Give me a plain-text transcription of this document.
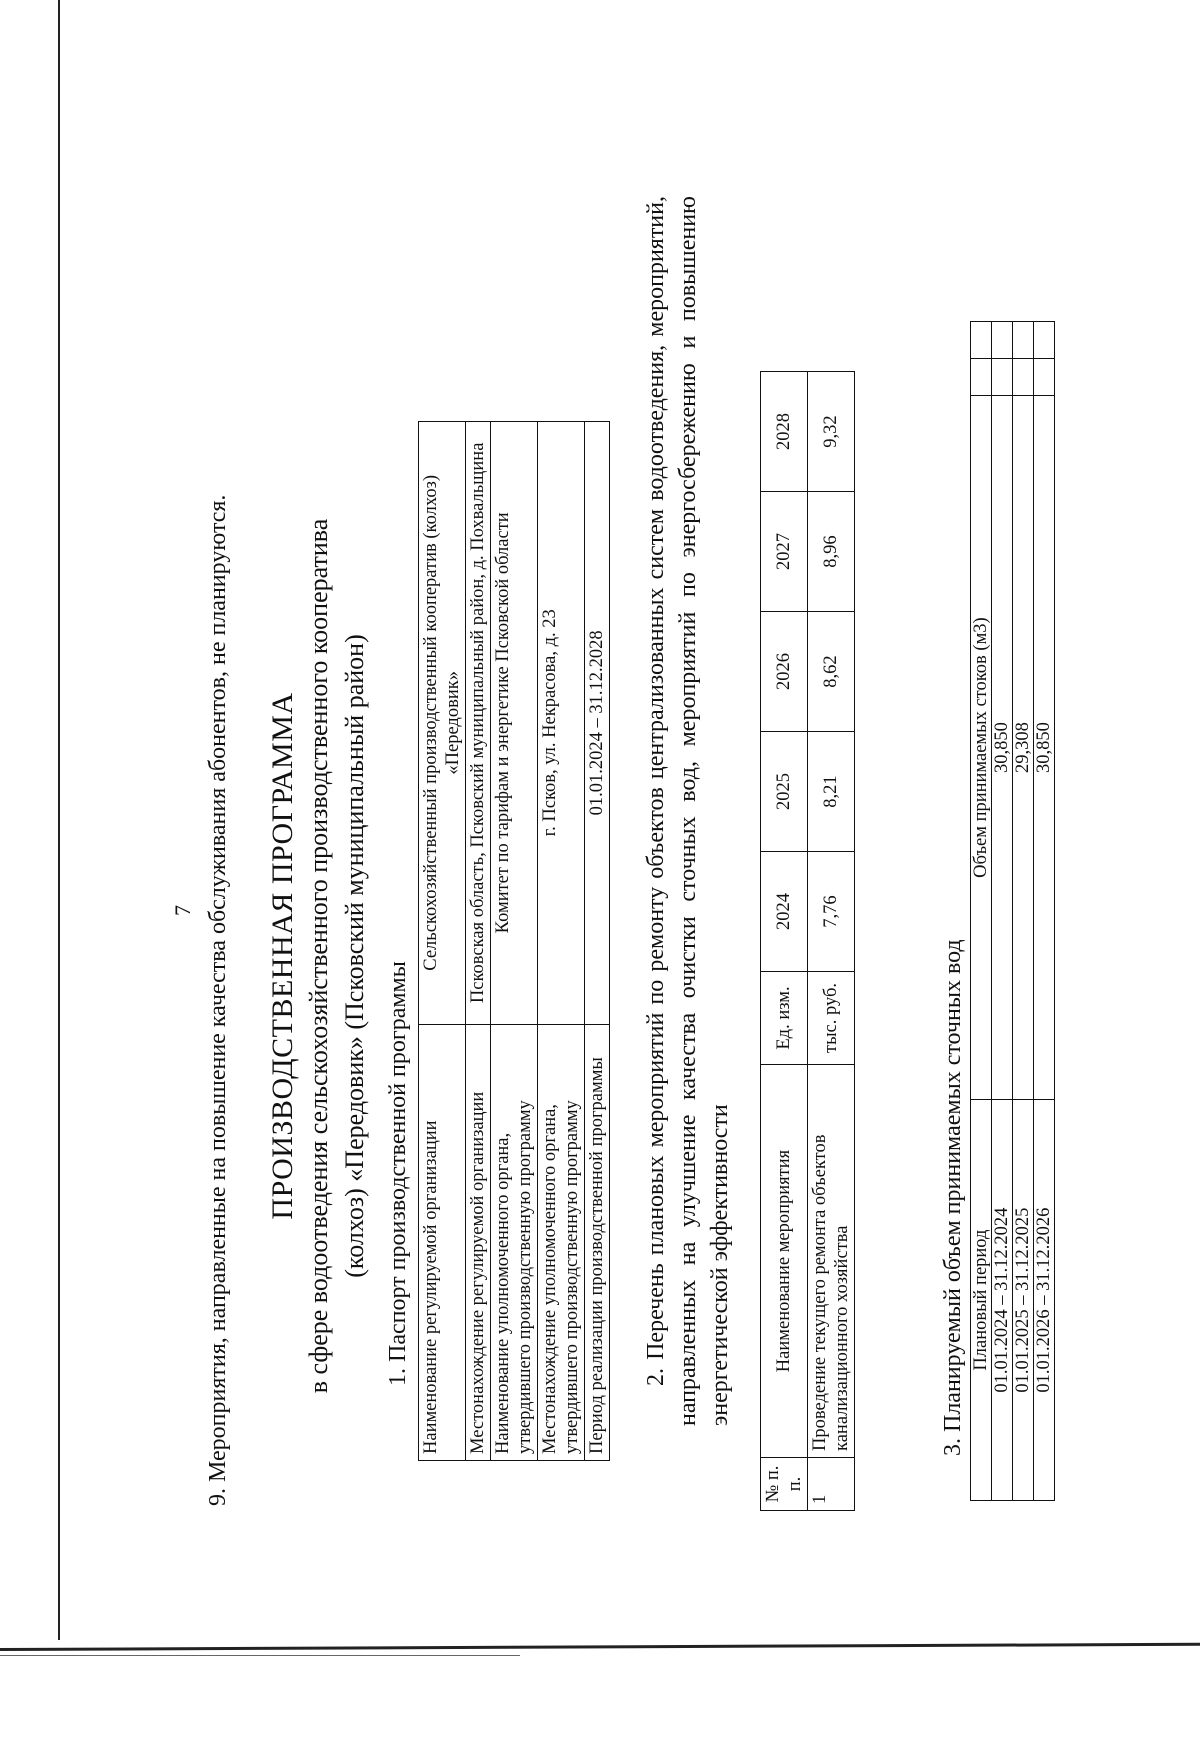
7 9. Мероприятия, направленные на повышение качества обслуживания абонентов, не планируются. ПРОИЗВОДСТВЕННАЯ ПРОГРАММА в сфере водоотведения сельскохозяйственного производственного кооператива (колхоз) «Передовик» (Псковский муниципальный район) 1. Паспорт производственной программы Наименование регулируемой организации	Сельскохозяйственный производственный кооператив (колхоз) «Передовик»
Местонахождение регулируемой организации	Псковская область, Псковский муниципальный район, д. Похвальщина
Наименование уполномоченного органа, утвердившего производственную программу	Комитет по тарифам и энергетике Псковской области
Местонахождение уполномоченного органа, утвердившего производственную программу	г. Псков, ул. Некрасова, д. 23
Период реализации производственной программы	01.01.2024 – 31.12.2028 2. Перечень плановых мероприятий по ремонту объектов централизованных систем водоотведения, мероприятий, направленных на улучшение качества очистки сточных вод, мероприятий по энергосбережению и повышению энергетической эффективности
№ п. п.	Наименование мероприятия	Ед. изм.	2024	2025	2026	2027	2028
1	Проведение текущего ремонта объектов канализационного хозяйства	тыс. руб.	7,76	8,21	8,62	8,96	9,32
3. Планируемый объем принимаемых сточных вод Плановый период	Объем принимаемых стоков (м3)		
01.01.2024 – 31.12.2024	30,850		
01.01.2025 – 31.12.2025	29,308		
01.01.2026 – 31.12.2026	30,850		
